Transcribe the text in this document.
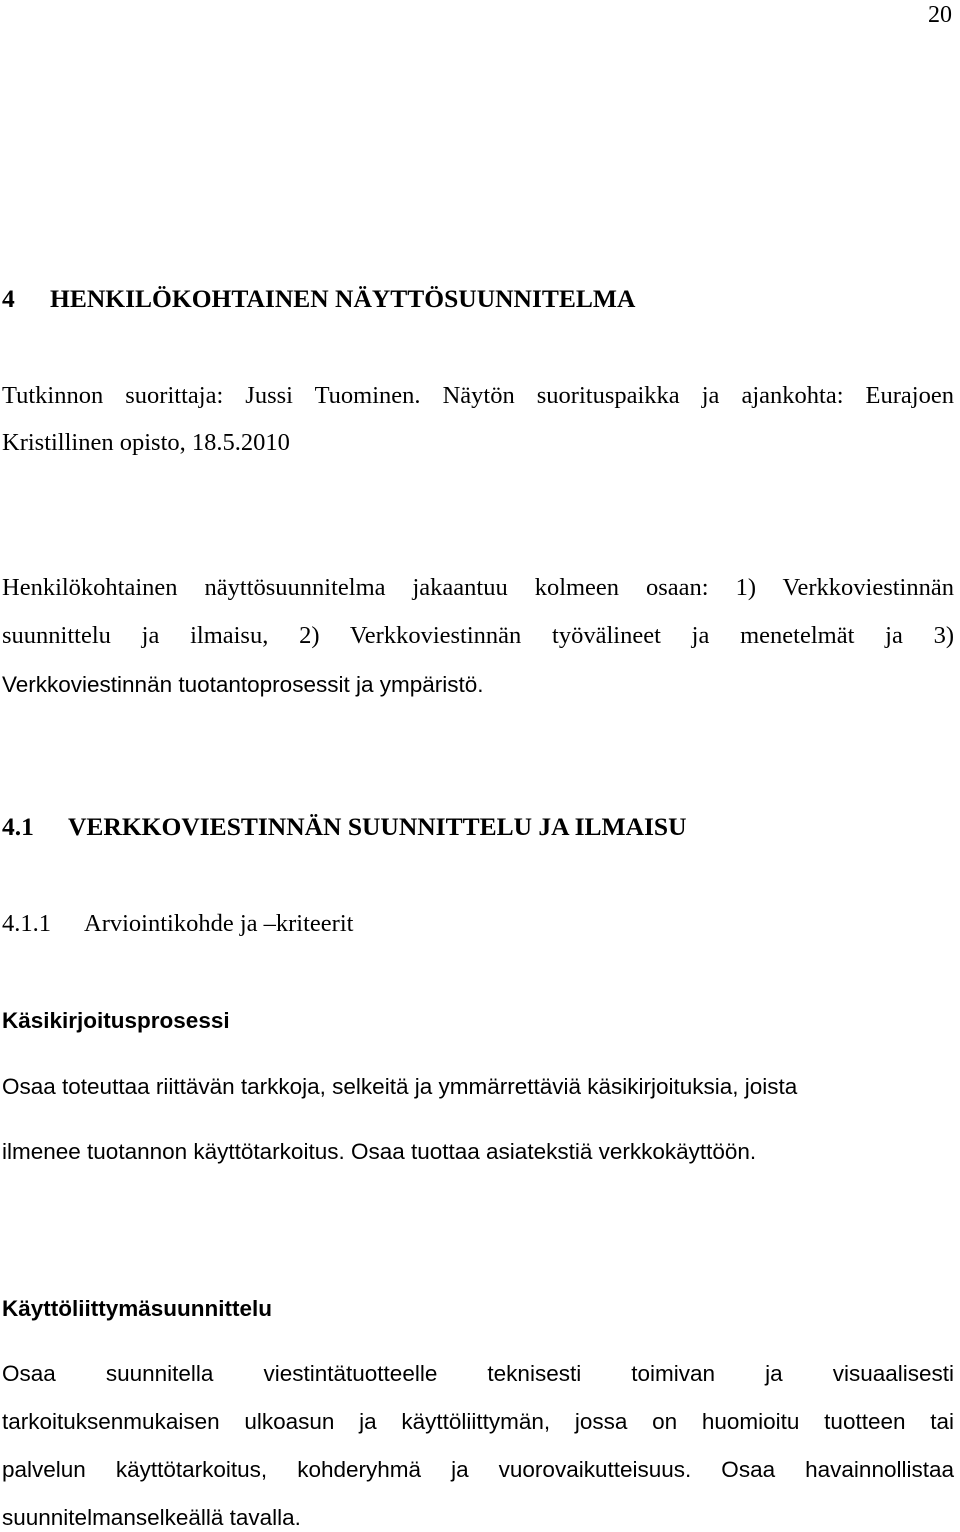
20
4 HENKILÖKOHTAINEN NÄYTTÖSUUNNITELMA
Tutkinnon suorittaja: Jussi Tuominen. Näytön suorituspaikka ja ajankohta: Eurajoen
Kristillinen opisto, 18.5.2010
Henkilökohtainen näyttösuunnitelma jakaantuu kolmeen osaan: 1) Verkkoviestinnän
suunnittelu ja ilmaisu, 2) Verkkoviestinnän työvälineet ja menetelmät ja 3)
Verkkoviestinnän tuotantoprosessit ja ympäristö.
4.1 VERKKOVIESTINNÄN SUUNNITTELU JA ILMAISU
4.1.1 Arviointikohde ja –kriteerit
Käsikirjoitusprosessi
Osaa toteuttaa riittävän tarkkoja, selkeitä ja ymmärrettäviä käsikirjoituksia, joista
ilmenee tuotannon käyttötarkoitus. Osaa tuottaa asiatekstiä verkkokäyttöön.
Käyttöliittymäsuunnittelu
Osaa suunnitella viestintätuotteelle teknisesti toimivan ja visuaalisesti
tarkoituksenmukaisen ulkoasun ja käyttöliittymän, jossa on huomioitu tuotteen tai
palvelun käyttötarkoitus, kohderyhmä ja vuorovaikutteisuus. Osaa havainnollistaa
suunnitelmanselkeällä tavalla.
